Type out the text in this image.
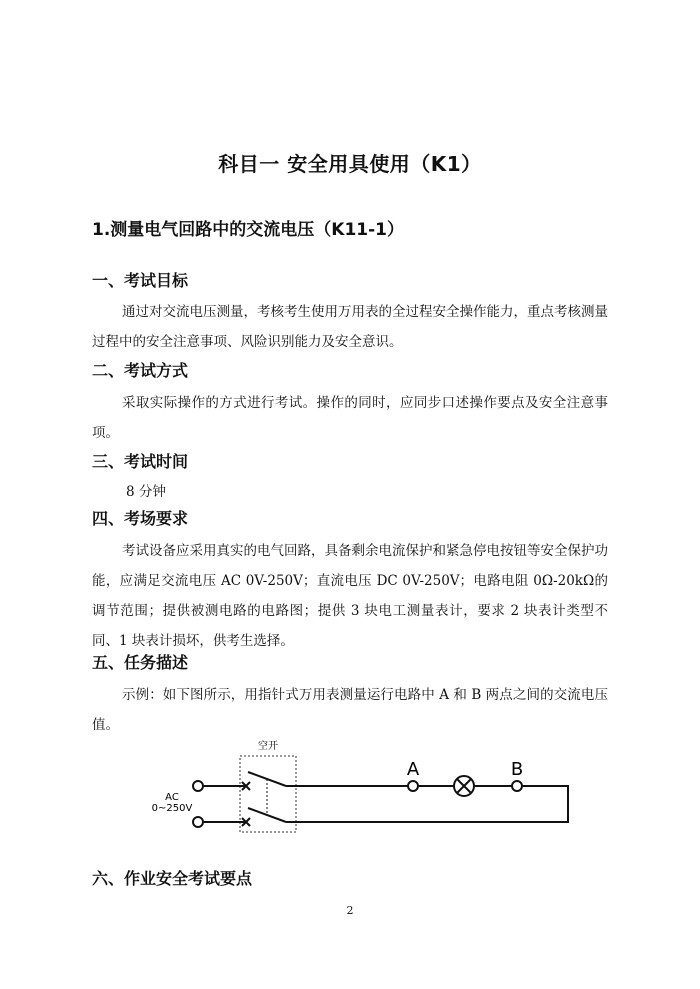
科目一 安全用具使用（K1）
1.测量电气回路中的交流电压（K11-1）
一、考试目标
通过对交流电压测量，考核考生使用万用表的全过程安全操作能力，重点考核测量过程中的安全注意事项、风险识别能力及安全意识。
二、考试方式
采取实际操作的方式进行考试。操作的同时，应同步口述操作要点及安全注意事项。
三、考试时间
8 分钟
四、考场要求
考试设备应采用真实的电气回路，具备剩余电流保护和紧急停电按钮等安全保护功能，应满足交流电压 AC 0V-250V；直流电压 DC 0V-250V；电路电阻 0Ω-20kΩ的调节范围；提供被测电路的电路图；提供 3 块电工测量表计，要求 2 块表计类型不同、1 块表计损坏，供考生选择。
五、任务描述
示例：如下图所示，用指针式万用表测量运行电路中 A 和 B 两点之间的交流电压值。
空开
AC
0~250V
A	B
六、作业安全考试要点
2
